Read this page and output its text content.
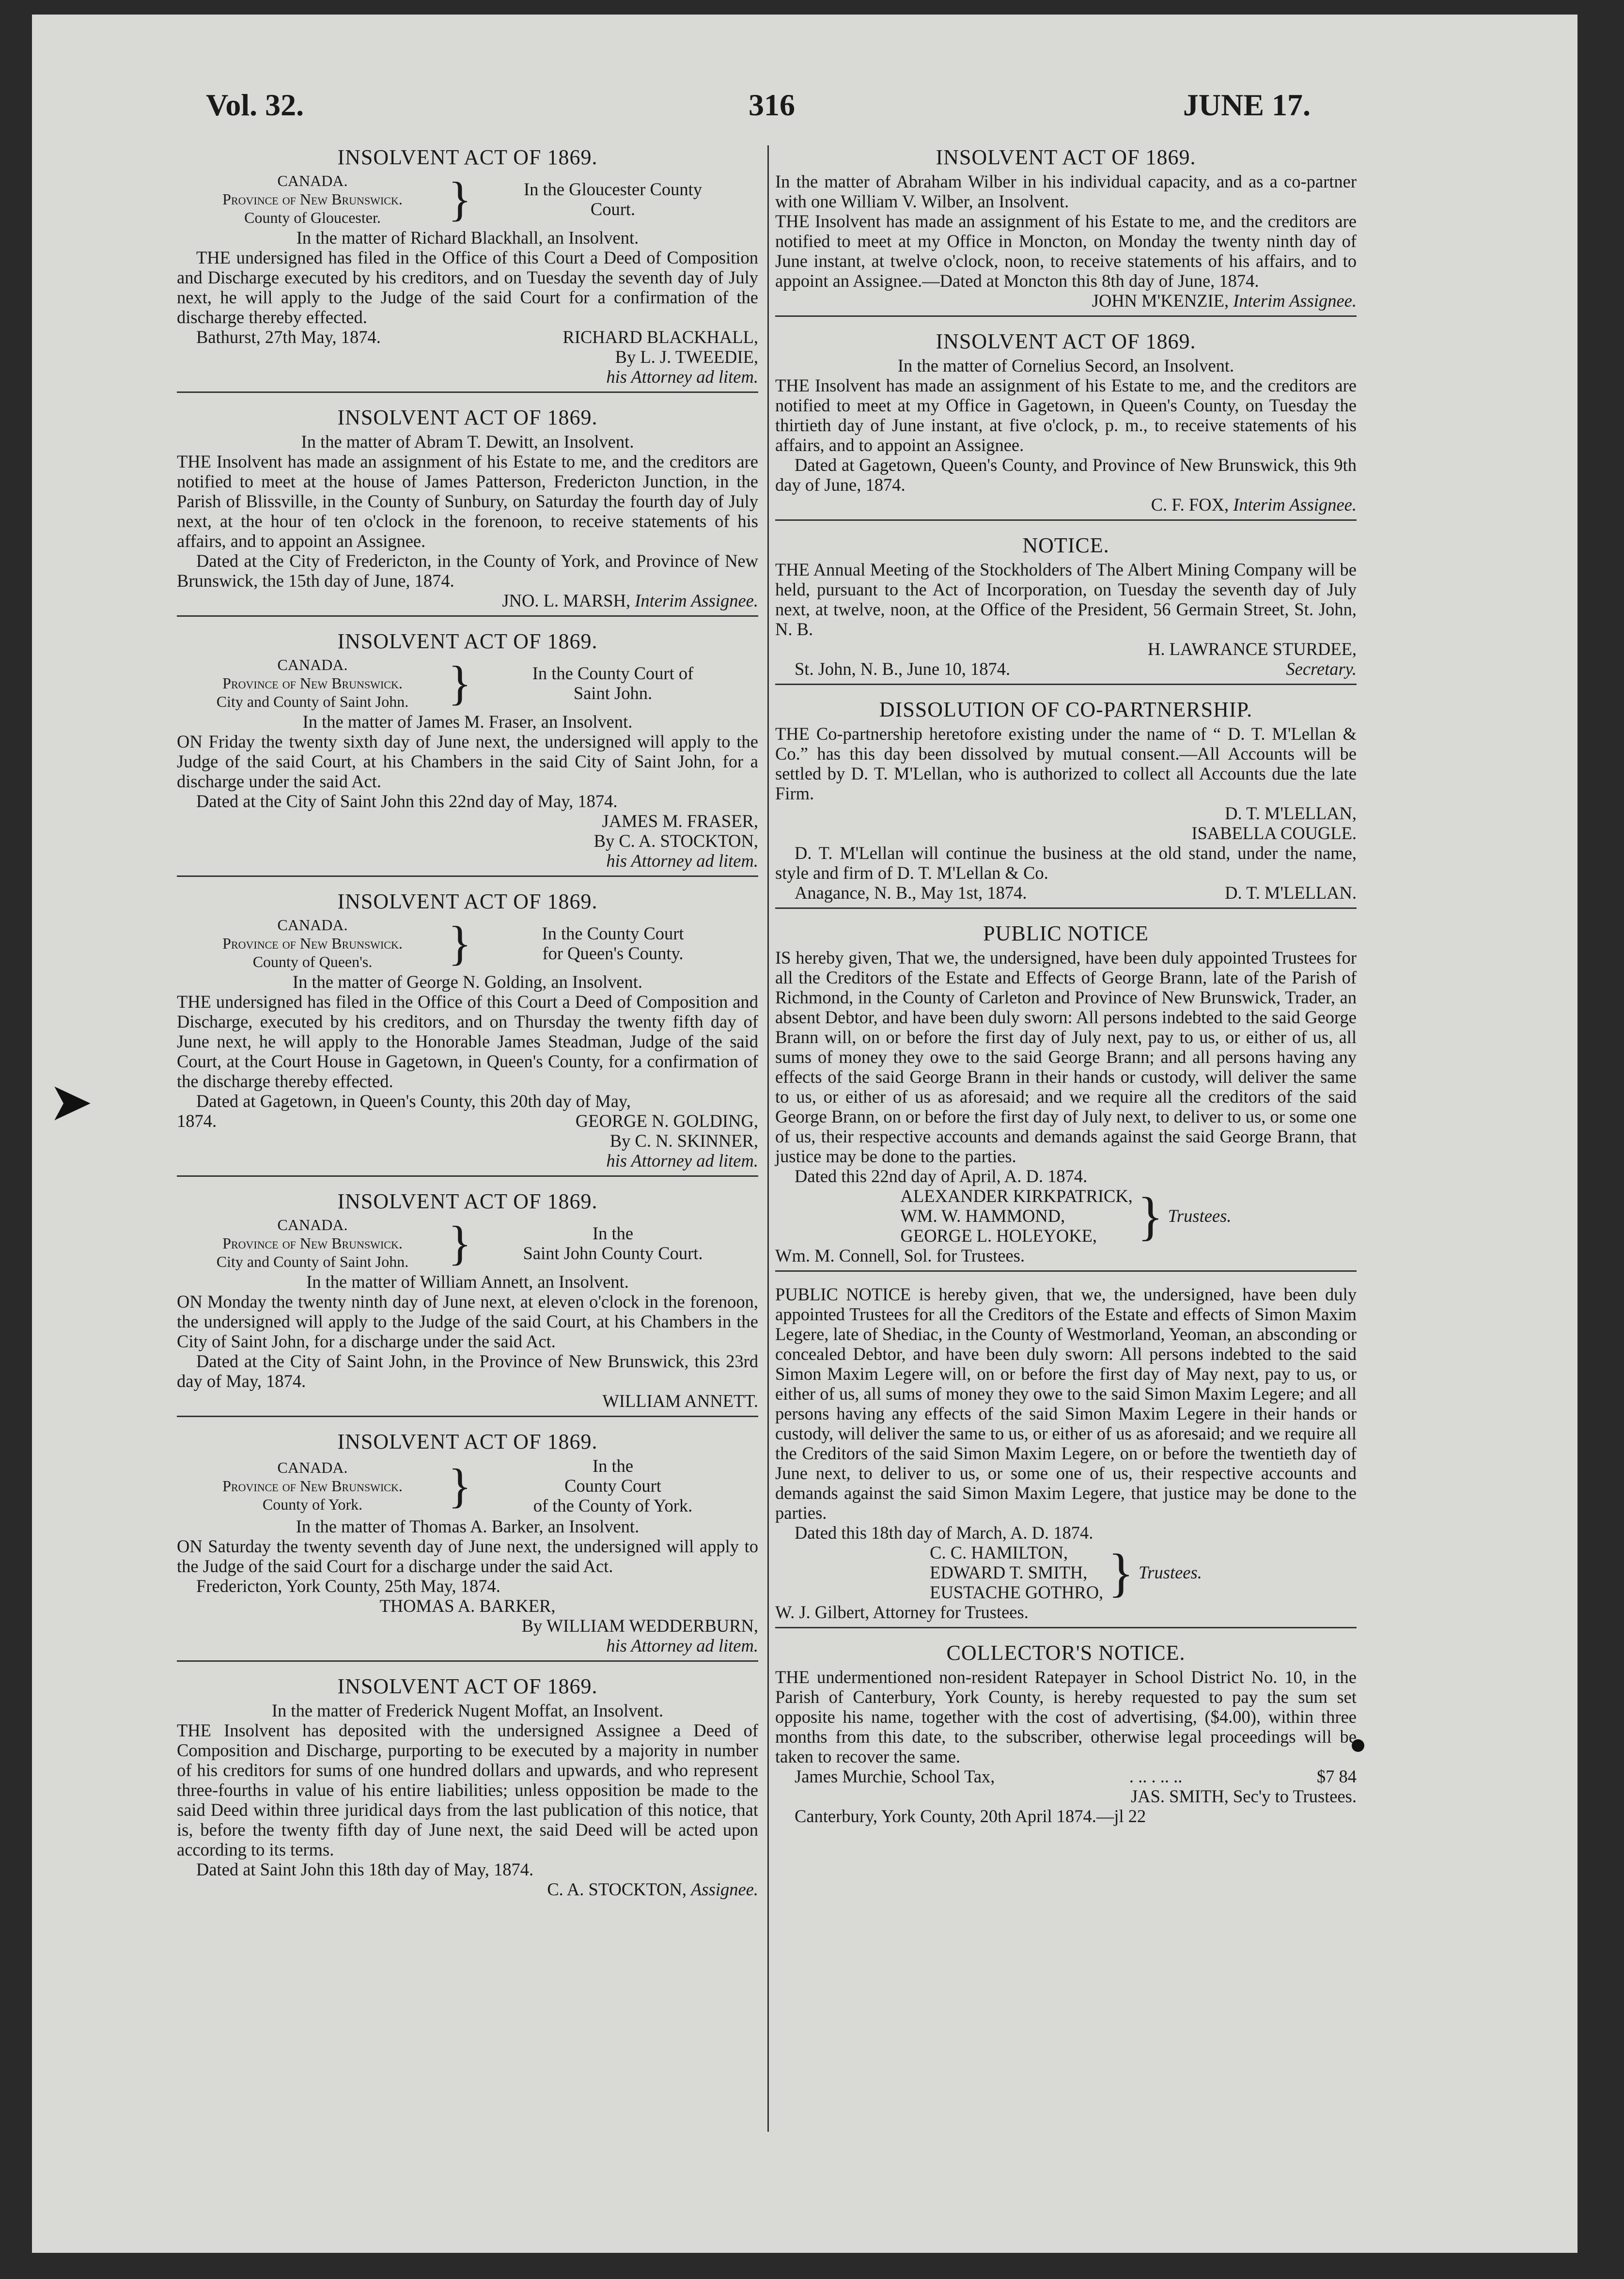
➤
Vol. 32.	316	JUNE 17.
INSOLVENT ACT OF 1869.
CANADA.
Province of New Brunswick.
County of Gloucester.	}	In the Gloucester County
Court.
In the matter of Richard Blackhall, an Insolvent.

THE undersigned has filed in the Office of this Court a Deed of Composition and Discharge executed by his creditors, and on Tuesday the seventh day of July next, he will apply to the Judge of the said Court for a confirmation of the discharge thereby effected.

Bathurst, 27th May, 1874.	RICHARD BLACKHALL,
By L. J. TWEEDIE,
his Attorney ad litem.
INSOLVENT ACT OF 1869.
In the matter of Abram T. Dewitt, an Insolvent.

THE Insolvent has made an assignment of his Estate to me, and the creditors are notified to meet at the house of James Patterson, Fredericton Junction, in the Parish of Blissville, in the County of Sunbury, on Saturday the fourth day of July next, at the hour of ten o'clock in the forenoon, to receive statements of his affairs, and to appoint an Assignee.

Dated at the City of Fredericton, in the County of York, and Province of New Brunswick, the 15th day of June, 1874.

JNO. L. MARSH, Interim Assignee.
INSOLVENT ACT OF 1869.
CANADA.
Province of New Brunswick.
City and County of Saint John. }	In the County Court of
Saint John.
In the matter of James M. Fraser, an Insolvent.

ON Friday the twenty sixth day of June next, the undersigned will apply to the Judge of the said Court, at his Chambers in the said City of Saint John, for a discharge under the said Act.

Dated at the City of Saint John this 22nd day of May, 1874.

JAMES M. FRASER,
By C. A. STOCKTON,
his Attorney ad litem.
INSOLVENT ACT OF 1869.
CANADA.
Province of New Brunswick.
County of Queen's.	}	In the County Court
for Queen's County.
In the matter of George N. Golding, an Insolvent.

THE undersigned has filed in the Office of this Court a Deed of Composition and Discharge, executed by his creditors, and on Thursday the twenty fifth day of June next, he will apply to the Honorable James Steadman, Judge of the said Court, at the Court House in Gagetown, in Queen's County, for a confirmation of the discharge thereby effected.

Dated at Gagetown, in Queen's County, this 20th day of May,

1874.	GEORGE N. GOLDING,
By C. N. SKINNER,
his Attorney ad litem.
INSOLVENT ACT OF 1869.
CANADA.
Province of New Brunswick.
City and County of Saint John. }	In the
Saint John County Court.
In the matter of William Annett, an Insolvent.

ON Monday the twenty ninth day of June next, at eleven o'clock in the forenoon, the undersigned will apply to the Judge of the said Court, at his Chambers in the City of Saint John, for a discharge under the said Act.

Dated at the City of Saint John, in the Province of New Brunswick, this 23rd day of May, 1874.

WILLIAM ANNETT.
INSOLVENT ACT OF 1869.
CANADA.
Province of New Brunswick.
County of York.	}	In the
County Court
of the County of York.
In the matter of Thomas A. Barker, an Insolvent.

ON Saturday the twenty seventh day of June next, the undersigned will apply to the Judge of the said Court for a discharge under the said Act.

Fredericton, York County, 25th May, 1874.

THOMAS A. BARKER,
By WILLIAM WEDDERBURN,
his Attorney ad litem.
INSOLVENT ACT OF 1869.
In the matter of Frederick Nugent Moffat, an Insolvent.

THE Insolvent has deposited with the undersigned Assignee a Deed of Composition and Discharge, purporting to be executed by a majority in number of his creditors for sums of one hundred dollars and upwards, and who represent three-fourths in value of his entire liabilities; unless opposition be made to the said Deed within three juridical days from the last publication of this notice, that is, before the twenty fifth day of June next, the said Deed will be acted upon according to its terms.

Dated at Saint John this 18th day of May, 1874.

C. A. STOCKTON, Assignee.
INSOLVENT ACT OF 1869.

In the matter of Abraham Wilber in his individual capacity, and as a co-partner with one William V. Wilber, an Insolvent.

THE Insolvent has made an assignment of his Estate to me, and the creditors are notified to meet at my Office in Moncton, on Monday the twenty ninth day of June instant, at twelve o'clock, noon, to receive statements of his affairs, and to appoint an Assignee.—Dated at Moncton this 8th day of June, 1874.

JOHN M'KENZIE, Interim Assignee.
INSOLVENT ACT OF 1869.
In the matter of Cornelius Secord, an Insolvent.

THE Insolvent has made an assignment of his Estate to me, and the creditors are notified to meet at my Office in Gagetown, in Queen's County, on Tuesday the thirtieth day of June instant, at five o'clock, p. m., to receive statements of his affairs, and to appoint an Assignee.

Dated at Gagetown, Queen's County, and Province of New Brunswick, this 9th day of June, 1874.

C. F. FOX, Interim Assignee.
NOTICE.

THE Annual Meeting of the Stockholders of The Albert Mining Company will be held, pursuant to the Act of Incorporation, on Tuesday the seventh day of July next, at twelve, noon, at the Office of the President, 56 Germain Street, St. John, N. B.

H. LAWRANCE STURDEE,
St. John, N. B., June 10, 1874.	Secretary.
DISSOLUTION OF CO-PARTNERSHIP.

THE Co-partnership heretofore existing under the name of “ D. T. M'Lellan & Co.” has this day been dissolved by mutual consent.—All Accounts will be settled by D. T. M'Lellan, who is authorized to collect all Accounts due the late Firm.

D. T. M'LELLAN,
ISABELLA COUGLE.

D. T. M'Lellan will continue the business at the old stand, under the name, style and firm of D. T. M'Lellan & Co.

Anagance, N. B., May 1st, 1874.	D. T. M'LELLAN.
PUBLIC NOTICE

IS hereby given, That we, the undersigned, have been duly appointed Trustees for all the Creditors of the Estate and Effects of George Brann, late of the Parish of Richmond, in the County of Carleton and Province of New Brunswick, Trader, an absent Debtor, and have been duly sworn: All persons indebted to the said George Brann will, on or before the first day of July next, pay to us, or either of us, all sums of money they owe to the said George Brann; and all persons having any effects of the said George Brann in their hands or custody, will deliver the same to us, or either of us as aforesaid; and we require all the creditors of the said George Brann, on or before the first day of July next, to deliver to us, or some one of us, their respective accounts and demands against the said George Brann, that justice may be done to the parties.

Dated this 22nd day of April, A. D. 1874.

ALEXANDER KIRKPATRICK,
WM. W. HAMMOND,
GEORGE L. HOLEYOKE, } Trustees.
Wm. M. Connell, Sol. for Trustees.

PUBLIC NOTICE is hereby given, that we, the undersigned, have been duly appointed Trustees for all the Creditors of the Estate and effects of Simon Maxim Legere, late of Shediac, in the County of Westmorland, Yeoman, an absconding or concealed Debtor, and have been duly sworn: All persons indebted to the said Simon Maxim Legere will, on or before the first day of May next, pay to us, or either of us, all sums of money they owe to the said Simon Maxim Legere; and all persons having any effects of the said Simon Maxim Legere in their hands or custody, will deliver the same to us, or either of us as aforesaid; and we require all the Creditors of the said Simon Maxim Legere, on or before the twentieth day of June next, to deliver to us, or some one of us, their respective accounts and demands against the said Simon Maxim Legere, that justice may be done to the parties.

Dated this 18th day of March, A. D. 1874.

C. C. HAMILTON,
EDWARD T. SMITH,
EUSTACHE GOTHRO, } Trustees.
W. J. Gilbert, Attorney for Trustees.
COLLECTOR'S NOTICE.

THE undermentioned non-resident Ratepayer in School District No. 10, in the Parish of Canterbury, York County, is hereby requested to pay the sum set opposite his name, together with the cost of advertising, ($4.00), within three months from this date, to the subscriber, otherwise legal proceedings will be taken to recover the same.

James Murchie, School Tax,	. .. . .. ..	$7 84
JAS. SMITH, Sec'y to Trustees.
Canterbury, York County, 20th April 1874.—jl 22
